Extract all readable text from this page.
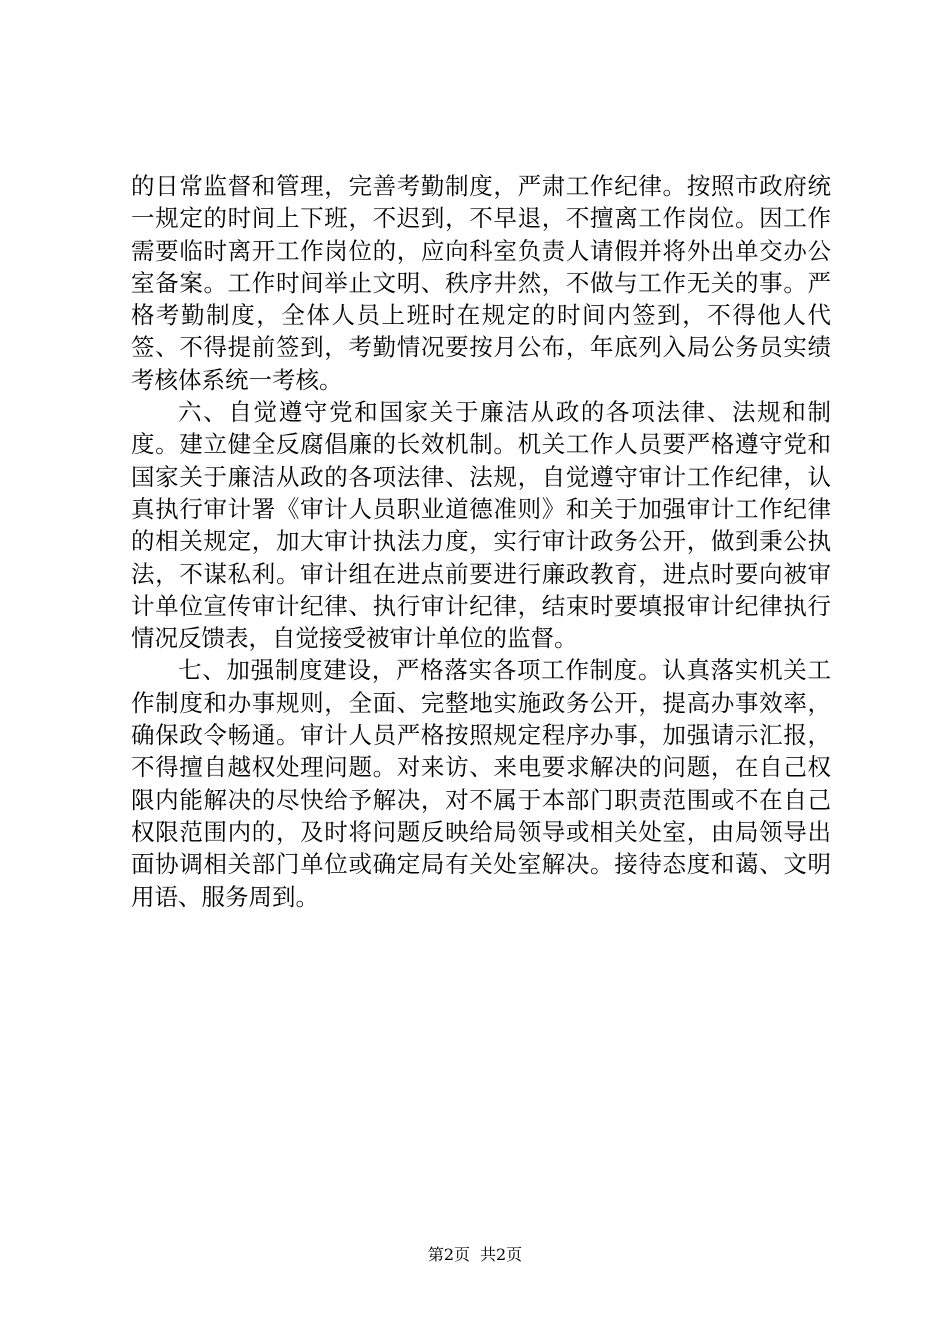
的日常监督和管理，完善考勤制度，严肃工作纪律。按照市政府统一规定的时间上下班，不迟到，不早退，不擅离工作岗位。因工作需要临时离开工作岗位的，应向科室负责人请假并将外出单交办公室备案。工作时间举止文明、秩序井然，不做与工作无关的事。严格考勤制度，全体人员上班时在规定的时间内签到，不得他人代签、不得提前签到，考勤情况要按月公布，年底列入局公务员实绩考核体系统一考核。

六、自觉遵守党和国家关于廉洁从政的各项法律、法规和制度。建立健全反腐倡廉的长效机制。机关工作人员要严格遵守党和国家关于廉洁从政的各项法律、法规，自觉遵守审计工作纪律，认真执行审计署《审计人员职业道德准则》和关于加强审计工作纪律的相关规定，加大审计执法力度，实行审计政务公开，做到秉公执法，不谋私利。审计组在进点前要进行廉政教育，进点时要向被审计单位宣传审计纪律、执行审计纪律，结束时要填报审计纪律执行情况反馈表，自觉接受被审计单位的监督。

七、加强制度建设，严格落实各项工作制度。认真落实机关工作制度和办事规则，全面、完整地实施政务公开，提高办事效率，确保政令畅通。审计人员严格按照规定程序办事，加强请示汇报，不得擅自越权处理问题。对来访、来电要求解决的问题，在自己权限内能解决的尽快给予解决，对不属于本部门职责范围或不在自己权限范围内的，及时将问题反映给局领导或相关处室，由局领导出面协调相关部门单位或确定局有关处室解决。接待态度和蔼、文明用语、服务周到。

第2页 共2页
